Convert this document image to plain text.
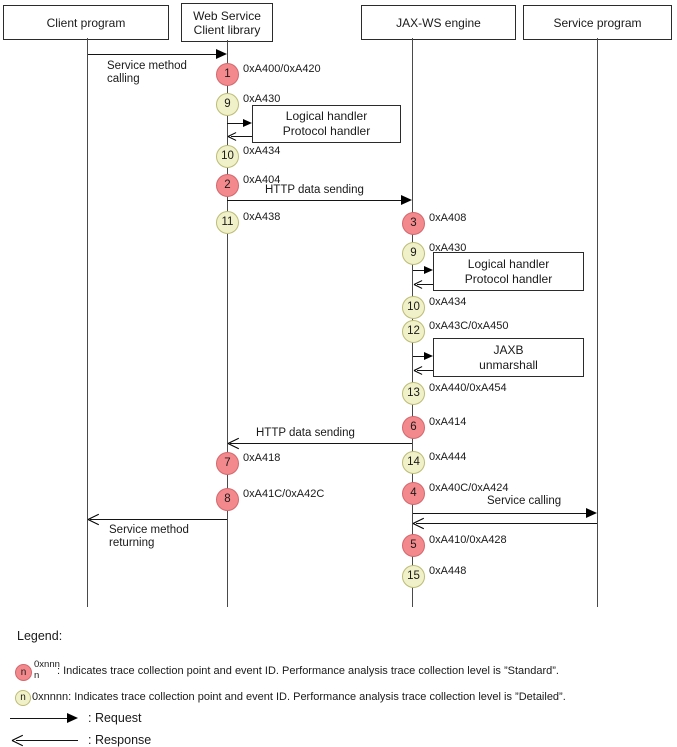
Client program	Web Service
Client library	JAX-WS engine	Service program
Service method calling
HTTP data sending
HTTP data sending
Service calling
Service method returning
Logical handler
Protocol handler
Logical handler
Protocol handler
JAXB
unmarshall
1	0xA400/0xA420
9	0xA430
10 0xA434
2	0xA404
11 0xA438
7	0xA418
8	0xA41C/0xA42C
3	0xA408
9	0xA430
10 0xA434
12 0xA43C/0xA450
13 0xA440/0xA454
6	0xA414
14 0xA444
4	0xA40C/0xA424
5	0xA410/0xA428
15 0xA448
Legend:
n
0xnnn
n : Indicates trace collection point and event ID. Performance analysis trace collection level is ”Standard”.
n 0xnnnn: Indicates trace collection point and event ID. Performance analysis trace collection level is ”Detailed”.
: Request
: Response
